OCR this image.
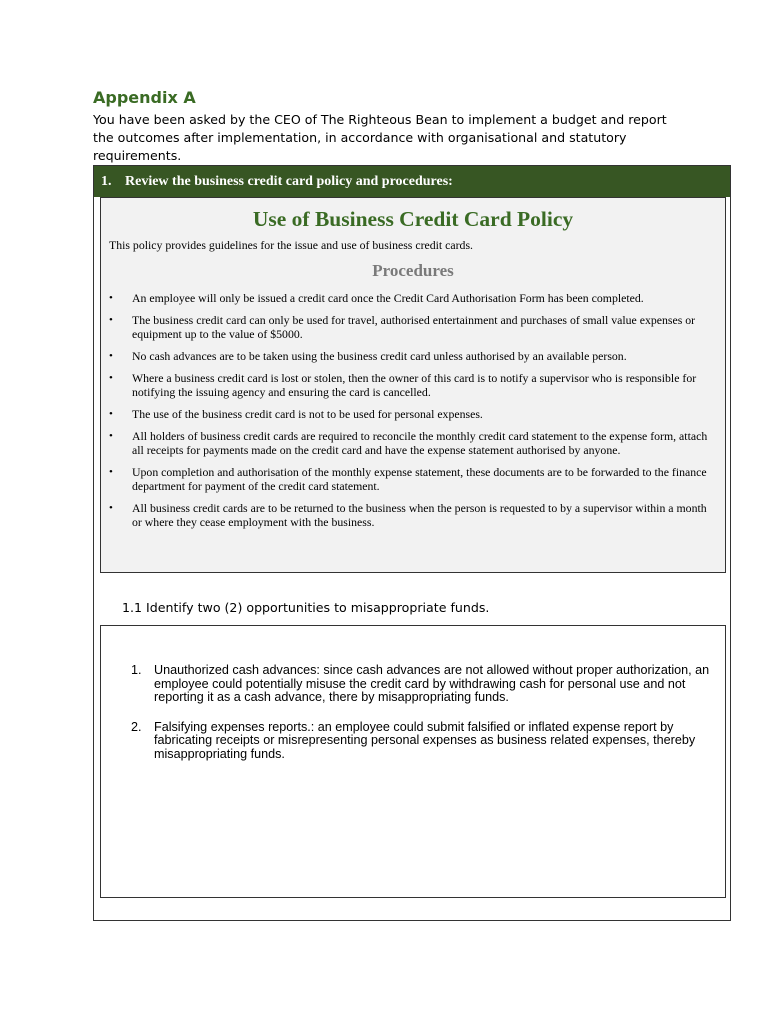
Appendix A
You have been asked by the CEO of The Righteous Bean to implement a budget and report the outcomes after implementation, in accordance with organisational and statutory requirements.
1. Review the business credit card policy and procedures:
Use of Business Credit Card Policy
This policy provides guidelines for the issue and use of business credit cards.
Procedures
• An employee will only be issued a credit card once the Credit Card Authorisation Form has been completed.
• The business credit card can only be used for travel, authorised entertainment and purchases of small value expenses or equipment up to the value of $5000.
• No cash advances are to be taken using the business credit card unless authorised by an available person.
• Where a business credit card is lost or stolen, then the owner of this card is to notify a supervisor who is responsible for notifying the issuing agency and ensuring the card is cancelled.
• The use of the business credit card is not to be used for personal expenses.
• All holders of business credit cards are required to reconcile the monthly credit card statement to the expense form, attach all receipts for payments made on the credit card and have the expense statement authorised by anyone.
• Upon completion and authorisation of the monthly expense statement, these documents are to be forwarded to the finance department for payment of the credit card statement.
• All business credit cards are to be returned to the business when the person is requested to by a supervisor within a month or where they cease employment with the business.
1.1 Identify two (2) opportunities to misappropriate funds.
1. Unauthorized cash advances: since cash advances are not allowed without proper authorization, an employee could potentially misuse the credit card by withdrawing cash for personal use and not reporting it as a cash advance, there by misappropriating funds.
2. Falsifying expenses reports.: an employee could submit falsified or inflated expense report by fabricating receipts or misrepresenting personal expenses as business related expenses, thereby misappropriating funds.
